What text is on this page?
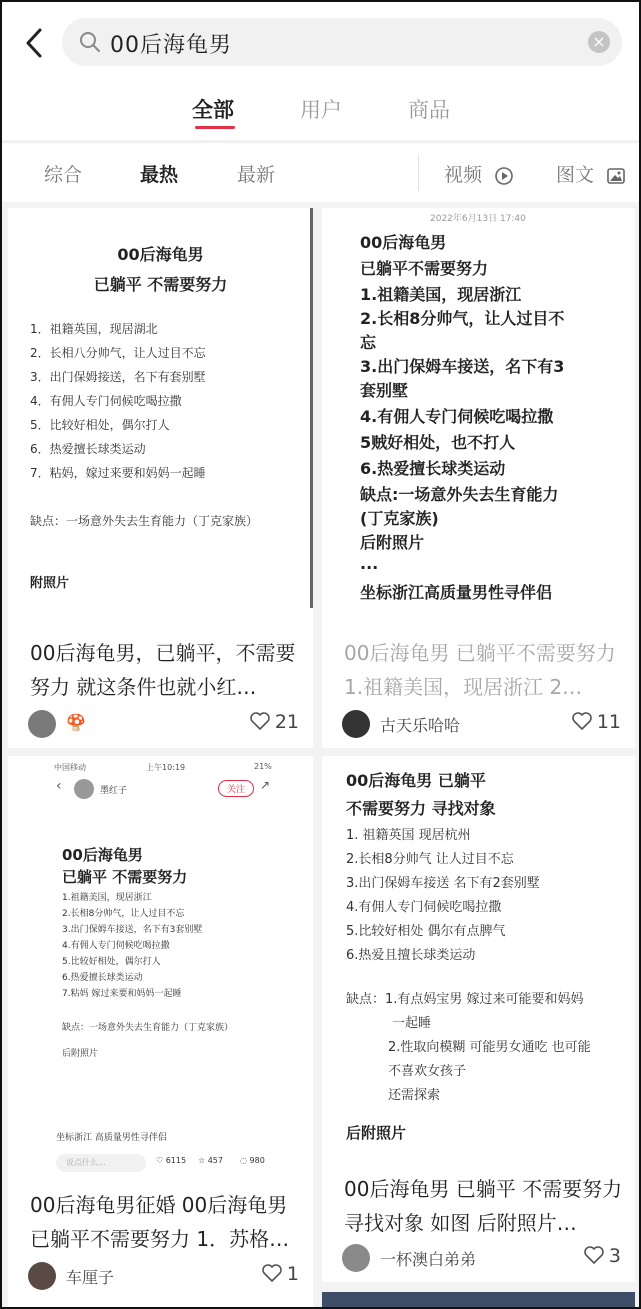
00后海龟男	×
全部	用户	商品
综合	最热	最新	视频	图文
00后海龟男
已躺平 不需要努力
1．祖籍英国，现居湖北
2．长相八分帅气，让人过目不忘
3．出门保姆接送，名下有套别墅
4．有佣人专门伺候吃喝拉撒
5．比较好相处，偶尔打人
6．热爱擅长球类运动
7．粘妈，嫁过来要和妈妈一起睡
缺点：一场意外失去生育能力（丁克家族）
附照片
00后海龟男，已躺平，不需要努力 就这条件也就小红…
🍄	21
2022年6月13日 17:40
00后海龟男
已躺平不需要努力
1.祖籍美国，现居浙江
2.长相8分帅气，让人过目不
忘
3.出门保姆车接送，名下有3
套别墅
4.有佣人专门伺候吃喝拉撒
5贼好相处，也不打人
6.热爱擅长球类运动
缺点:一场意外失去生育能力
(丁克家族)
后附照片
...
坐标浙江高质量男性寻伴侣
00后海龟男 已躺平不需要努力 1.祖籍美国，现居浙江 2…
古天乐哈哈	11
中国移动	上午10:19	21%
‹	墨红子	关注	↗
00后海龟男
已躺平 不需要努力
1.祖籍美国，现居浙江
2.长相8分帅气，让人过目不忘
3.出门保姆车接送，名下有3套别墅
4.有佣人专门伺候吃喝拉撒
5.比较好相处，偶尔打人
6.热爱擅长球类运动
7.粘妈 嫁过来要和妈妈一起睡
缺点：一场意外失去生育能力（丁克家族）
后附照片
坐标浙江 高质量男性寻伴侣
说点什么...	♡ 6115 ☆ 457 ◌ 980
00后海龟男征婚 00后海龟男已躺平不需要努力 1．苏格…
车厘子	1
00后海龟男 已躺平
不需要努力 寻找对象
1. 祖籍英国 现居杭州
2.长相8分帅气 让人过目不忘
3.出门保姆车接送 名下有2套别墅
4.有佣人专门伺候吃喝拉撒
5.比较好相处 偶尔有点脾气
6.热爱且擅长球类运动
缺点：1.有点妈宝男 嫁过来可能要和妈妈
一起睡
2.性取向模糊 可能男女通吃 也可能
不喜欢女孩子
还需探索
后附照片
00后海龟男 已躺平 不需要努力 寻找对象 如图 后附照片…
一杯澳白弟弟	3
